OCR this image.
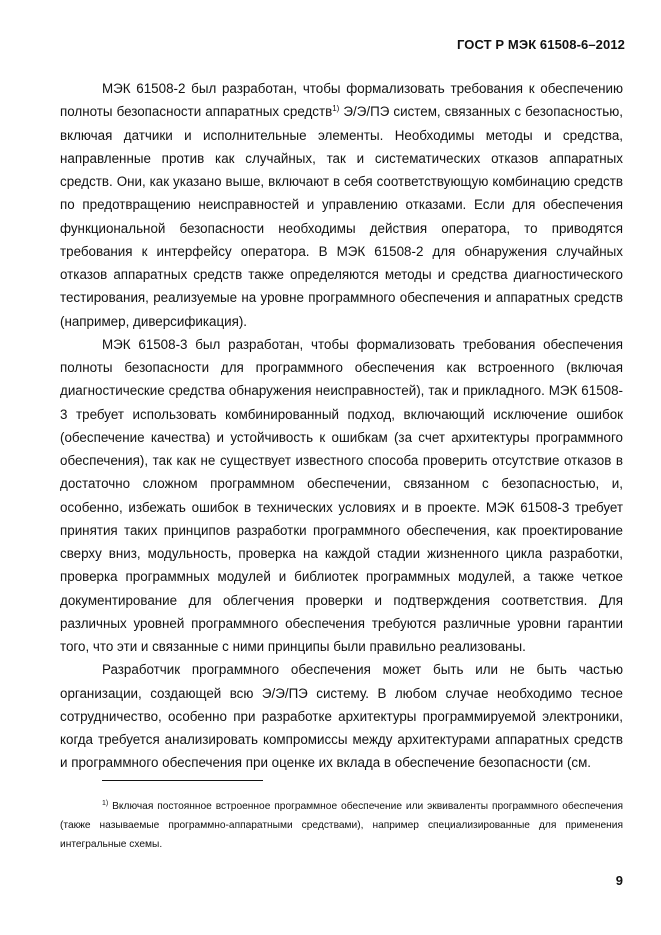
ГОСТ Р МЭК 61508-6–2012

МЭК 61508-2 был разработан, чтобы формализовать требования к обеспечению полноты безопасности аппаратных средств$^{1)}$ Э/Э/ПЭ систем, связанных с безопасностью, включая датчики и исполнительные элементы. Необходимы методы и средства, направленные против как случайных, так и систематических отказов аппаратных средств. Они, как указано выше, включают в себя соответствующую комбинацию средств по предотвращению неисправностей и управлению отказами. Если для обеспечения функциональной безопасности необходимы действия оператора, то приводятся требования к интерфейсу оператора. В МЭК 61508-2 для обнаружения случайных отказов аппаратных средств также определяются методы и средства диагностического тестирования, реализуемые на уровне программного обеспечения и аппаратных средств (например, диверсификация).

МЭК 61508-3 был разработан, чтобы формализовать требования обеспечения полноты безопасности для программного обеспечения как встроенного (включая диагностические средства обнаружения неисправностей), так и прикладного. МЭК 61508-3 требует использовать комбинированный подход, включающий исключение ошибок (обеспечение качества) и устойчивость к ошибкам (за счет архитектуры программного обеспечения), так как не существует известного способа проверить отсутствие отказов в достаточно сложном программном обеспечении, связанном с безопасностью, и, особенно, избежать ошибок в технических условиях и в проекте. МЭК 61508-3 требует принятия таких принципов разработки программного обеспечения, как проектирование сверху вниз, модульность, проверка на каждой стадии жизненного цикла разработки, проверка программных модулей и библиотек программных модулей, а также четкое документирование для облегчения проверки и подтверждения соответствия. Для различных уровней программного обеспечения требуются различные уровни гарантии того, что эти и связанные с ними принципы были правильно реализованы.

Разработчик программного обеспечения может быть или не быть частью организации, создающей всю Э/Э/ПЭ систему. В любом случае необходимо тесное сотрудничество, особенно при разработке архитектуры программируемой электроники, когда требуется анализировать компромиссы между архитектурами аппаратных средств и программного обеспечения при оценке их вклада в обеспечение безопасности (см.

$^{1)}$ Включая постоянное встроенное программное обеспечение или эквиваленты программного обеспечения (также называемые программно-аппаратными средствами), например специализированные для применения интегральные схемы.
9
